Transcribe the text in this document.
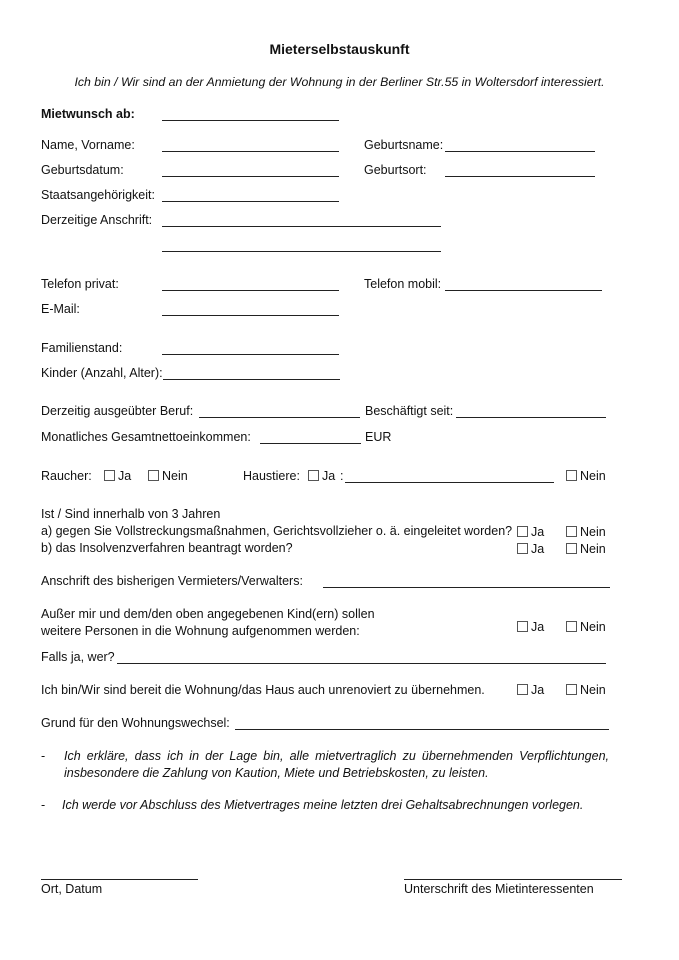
Mieterselbstauskunft
Ich bin / Wir sind an der Anmietung der Wohnung in der Berliner Str.55 in Woltersdorf interessiert.
Mietwunsch ab:
Name, Vorname:	Geburtsname:
Geburtsdatum:	Geburtsort:
Staatsangehörigkeit:
Derzeitige Anschrift:
Telefon privat:	Telefon mobil:
E-Mail:
Familienstand:
Kinder (Anzahl, Alter):
Derzeitig ausgeübter Beruf:	Beschäftigt seit:
Monatliches Gesamtnettoeinkommen:	EUR
Raucher: Ja Nein	Haustiere: Ja :	Nein
Ist / Sind innerhalb von 3 Jahren
a) gegen Sie Vollstreckungsmaßnahmen, Gerichtsvollzieher o. ä. eingeleitet worden? Ja	Nein
b) das Insolvenzverfahren beantragt worden?	Ja	Nein
Anschrift des bisherigen Vermieters/Verwalters:
Außer mir und dem/den oben angegebenen Kind(ern) sollen
weitere Personen in die Wohnung aufgenommen werden:	Ja	Nein
Falls ja, wer?
Ich bin/Wir sind bereit die Wohnung/das Haus auch unrenoviert zu übernehmen.	Ja	Nein
Grund für den Wohnungswechsel:
- Ich erkläre, dass ich in der Lage bin, alle mietvertraglich zu übernehmenden Verpflichtungen, insbesondere die Zahlung von Kaution, Miete und Betriebskosten, zu leisten.
- Ich werde vor Abschluss des Mietvertrages meine letzten drei Gehaltsabrechnungen vorlegen.
Ort, Datum	Unterschrift des Mietinteressenten
